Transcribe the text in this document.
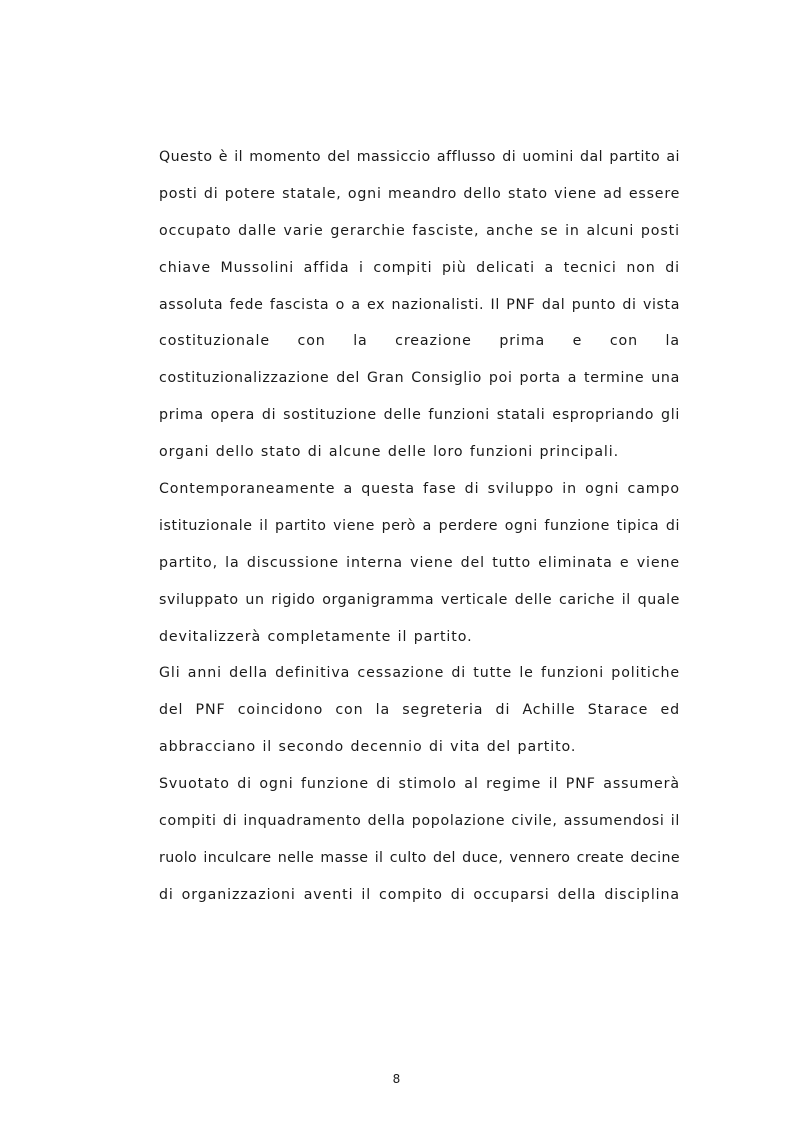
Questo è il momento del massiccio afflusso di uomini dal partito ai
posti di potere statale, ogni meandro dello stato viene ad essere
occupato dalle varie gerarchie fasciste, anche se in alcuni posti
chiave Mussolini affida i compiti più delicati a tecnici non di
assoluta fede fascista o a ex nazionalisti. Il PNF dal punto di vista
costituzionale con la creazione prima e con la
costituzionalizzazione del Gran Consiglio poi porta a termine una
prima opera di sostituzione delle funzioni statali espropriando gli
organi dello stato di alcune delle loro funzioni principali.
Contemporaneamente a questa fase di sviluppo in ogni campo
istituzionale il partito viene però a perdere ogni funzione tipica di
partito, la discussione interna viene del tutto eliminata e viene
sviluppato un rigido organigramma verticale delle cariche il quale
devitalizzerà completamente il partito.
Gli anni della definitiva cessazione di tutte le funzioni politiche
del PNF coincidono con la segreteria di Achille Starace ed
abbracciano il secondo decennio di vita del partito.
Svuotato di ogni funzione di stimolo al regime il PNF assumerà
compiti di inquadramento della popolazione civile, assumendosi il
ruolo inculcare nelle masse il culto del duce, vennero create decine
di organizzazioni aventi il compito di occuparsi della disciplina
8
